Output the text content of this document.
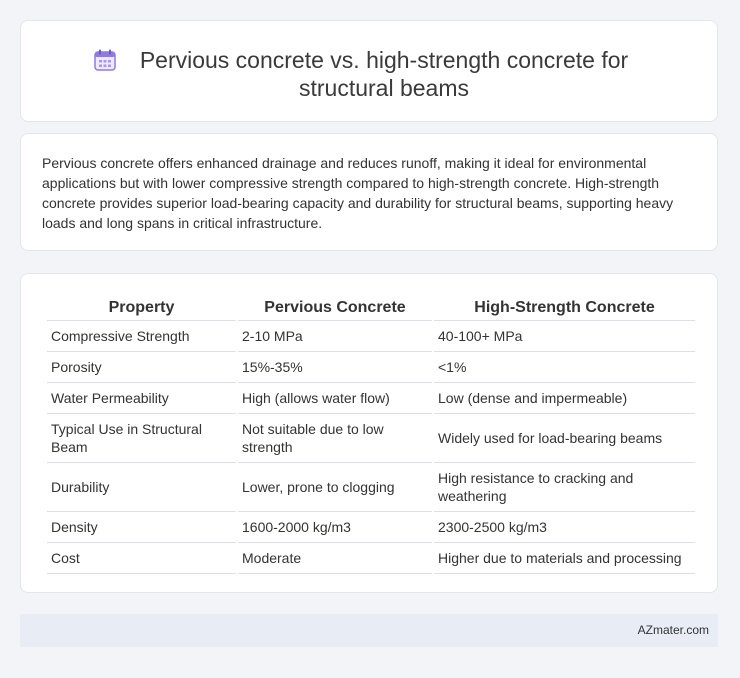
Pervious concrete vs. high-strength concrete for structural beams

Pervious concrete offers enhanced drainage and reduces runoff, making it ideal for environmental applications but with lower compressive strength compared to high-strength concrete. High-strength concrete provides superior load-bearing capacity and durability for structural beams, supporting heavy loads and long spans in critical infrastructure.

Property	Pervious Concrete	High-Strength Concrete
Compressive Strength	2-10 MPa	40-100+ MPa
Porosity	15%-35%	<1%
Water Permeability	High (allows water flow)	Low (dense and impermeable)
Typical Use in Structural Beam	Not suitable due to low strength	Widely used for load-bearing beams
Durability	Lower, prone to clogging	High resistance to cracking and weathering
Density	1600-2000 kg/m3	2300-2500 kg/m3
Cost	Moderate	Higher due to materials and processing
AZmater.com
